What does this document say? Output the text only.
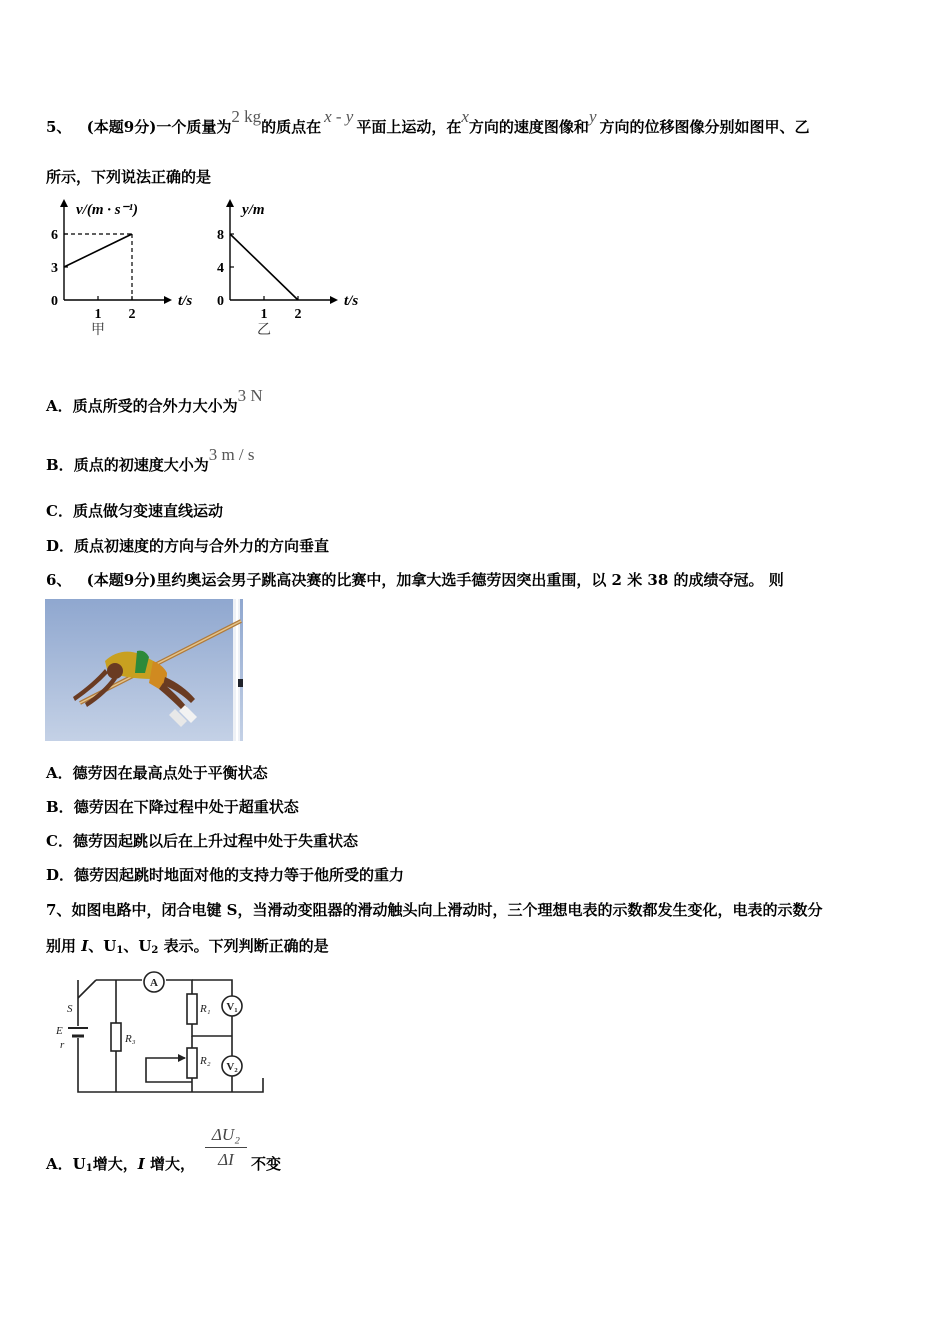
5、 (本题9分)一个质量为2 kg的质点在x - y平面上运动，在x方向的速度图像和y方向的位移图像分别如图甲、乙
所示，下列说法正确的是
1 2
0
3
6
v/(m · s⁻¹)
t/s
甲
1 2
0
4
8
y/m
t/s
乙
A．质点所受的合外力大小为3 N
B．质点的初速度大小为3 m / s
C．质点做匀变速直线运动
D．质点初速度的方向与合外力的方向垂直
6、 (本题9分)里约奥运会男子跳高决赛的比赛中，加拿大选手德劳因突出重围，以 2 米 38 的成绩夺冠。 则
A．德劳因在最高点处于平衡状态
B．德劳因在下降过程中处于超重状态
C．德劳因起跳以后在上升过程中处于失重状态
D．德劳因起跳时地面对他的支持力等于他所受的重力
7、如图电路中，闭合电键 S，当滑动变阻器的滑动触头向上滑动时，三个理想电表的示数都发生变化，电表的示数分
别用 I、$U_1$、$U_2$ 表示。下列判断正确的是
A
V₁
V₂
S
E
r	R₃
R₁
R₂
A．$U_1$增大，I 增大，	不变
$\frac{\text{ΔU₂}}{\Delta I}$
